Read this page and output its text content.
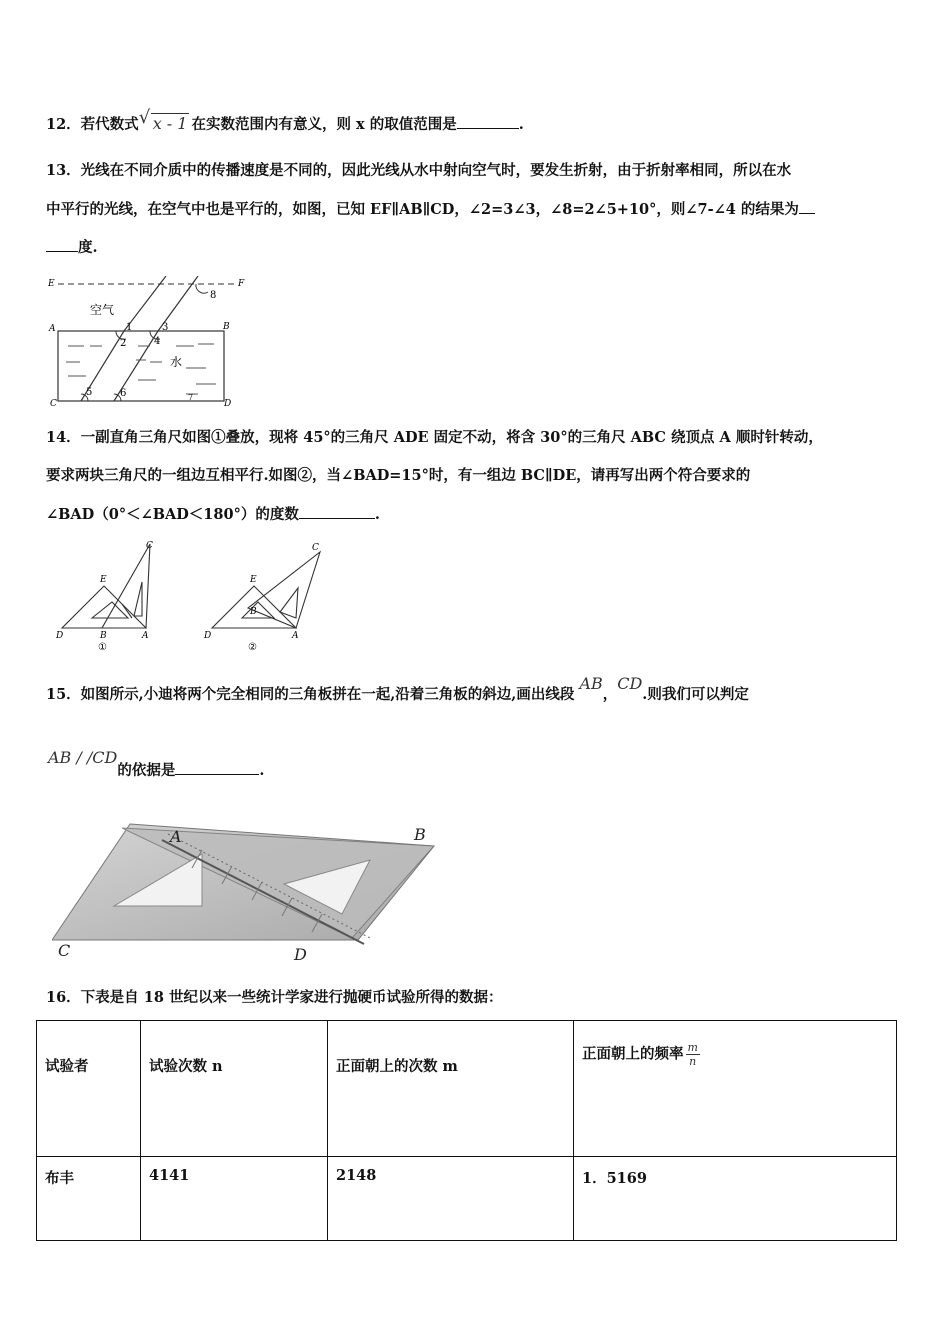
12．若代数式 √ x - 1 在实数范围内有意义，则 x 的取值范围是	.
13．光线在不同介质中的传播速度是不同的，因此光线从水中射向空气时，要发生折射，由于折射率相同，所以在水
中平行的光线，在空气中也是平行的，如图，已知 EF∥AB∥CD，∠2=3∠3，∠8=2∠5+10°，则∠7-∠4 的结果为
度.
E	F
A	B
C	D
空气
水
1
2
3
4
5	6	7
8
14．一副直角三角尺如图①叠放，现将 45°的三角尺 ADE 固定不动，将含 30°的三角尺 ABC 绕顶点 A 顺时针转动，
要求两块三角尺的一组边互相平行.如图②，当∠BAD=15°时，有一组边 BC∥DE，请再写出两个符合要求的
∠BAD（0°＜∠BAD＜180°）的度数	.
C
E
D	B	A
①
C
E
D
B
A
②
15．如图所示,小迪将两个完全相同的三角板拼在一起,沿着三角板的斜边,画出线段 AB，CD.则我们可以判定
AB / /CD的依据是	.
A	B
C	D
16．下表是自 18 世纪以来一些统计学家进行抛硬币试验所得的数据：
试验者	试验次数 n	正面朝上的次数 m	正面朝上的频率 $\frac{m}{n}$

布丰	4141	2148	1．5169
